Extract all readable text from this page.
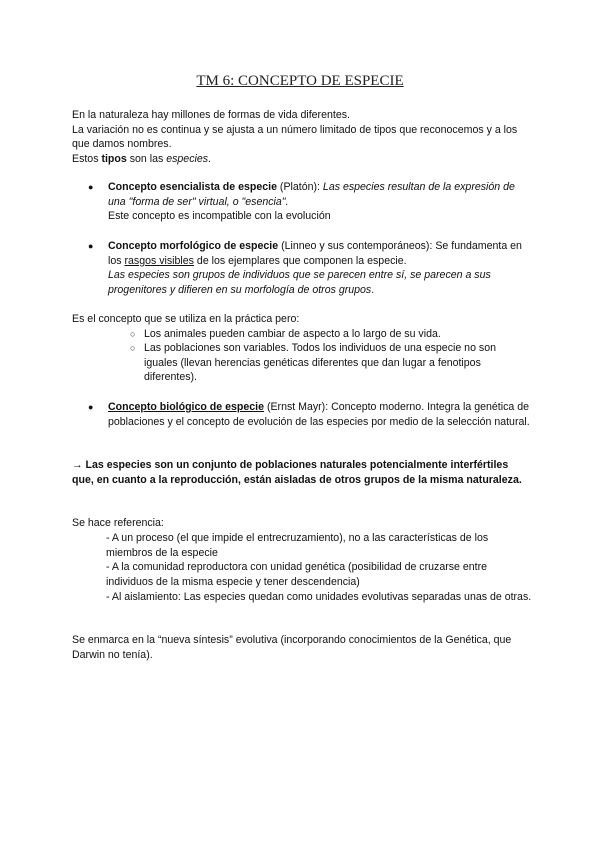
TM 6: CONCEPTO DE ESPECIE

En la naturaleza hay millones de formas de vida diferentes.

La variación no es continua y se ajusta a un número limitado de tipos que reconocemos y a los que damos nombres.

Estos tipos son las especies.

● Concepto esencialista de especie (Platón): Las especies resultan de la expresión de una "forma de ser" virtual, o "esencia".

Este concepto es incompatible con la evolución

● Concepto morfológico de especie (Linneo y sus contemporáneos): Se fundamenta en los rasgos visibles de los ejemplares que componen la especie.

Las especies son grupos de individuos que se parecen entre sí, se parecen a sus progenitores y difieren en su morfología de otros grupos.

Es el concepto que se utiliza en la práctica pero:
○ Los animales pueden cambiar de aspecto a lo largo de su vida.
○ Las poblaciones son variables. Todos los individuos de una especie no son iguales (llevan herencias genéticas diferentes que dan lugar a fenotipos diferentes).
● Concepto biológico de especie (Ernst Mayr): Concepto moderno. Integra la genética de poblaciones y el concepto de evolución de las especies por medio de la selección natural.

→ Las especies son un conjunto de poblaciones naturales potencialmente interfértiles que, en cuanto a la reproducción, están aisladas de otros grupos de la misma naturaleza.

Se hace referencia:
- A un proceso (el que impide el entrecruzamiento), no a las características de los miembros de la especie
- A la comunidad reproductora con unidad genética (posibilidad de cruzarse entre individuos de la misma especie y tener descendencia)
- Al aislamiento: Las especies quedan como unidades evolutivas separadas unas de otras.
Se enmarca en la “nueva síntesis” evolutiva (incorporando conocimientos de la Genética, que Darwin no tenía).
